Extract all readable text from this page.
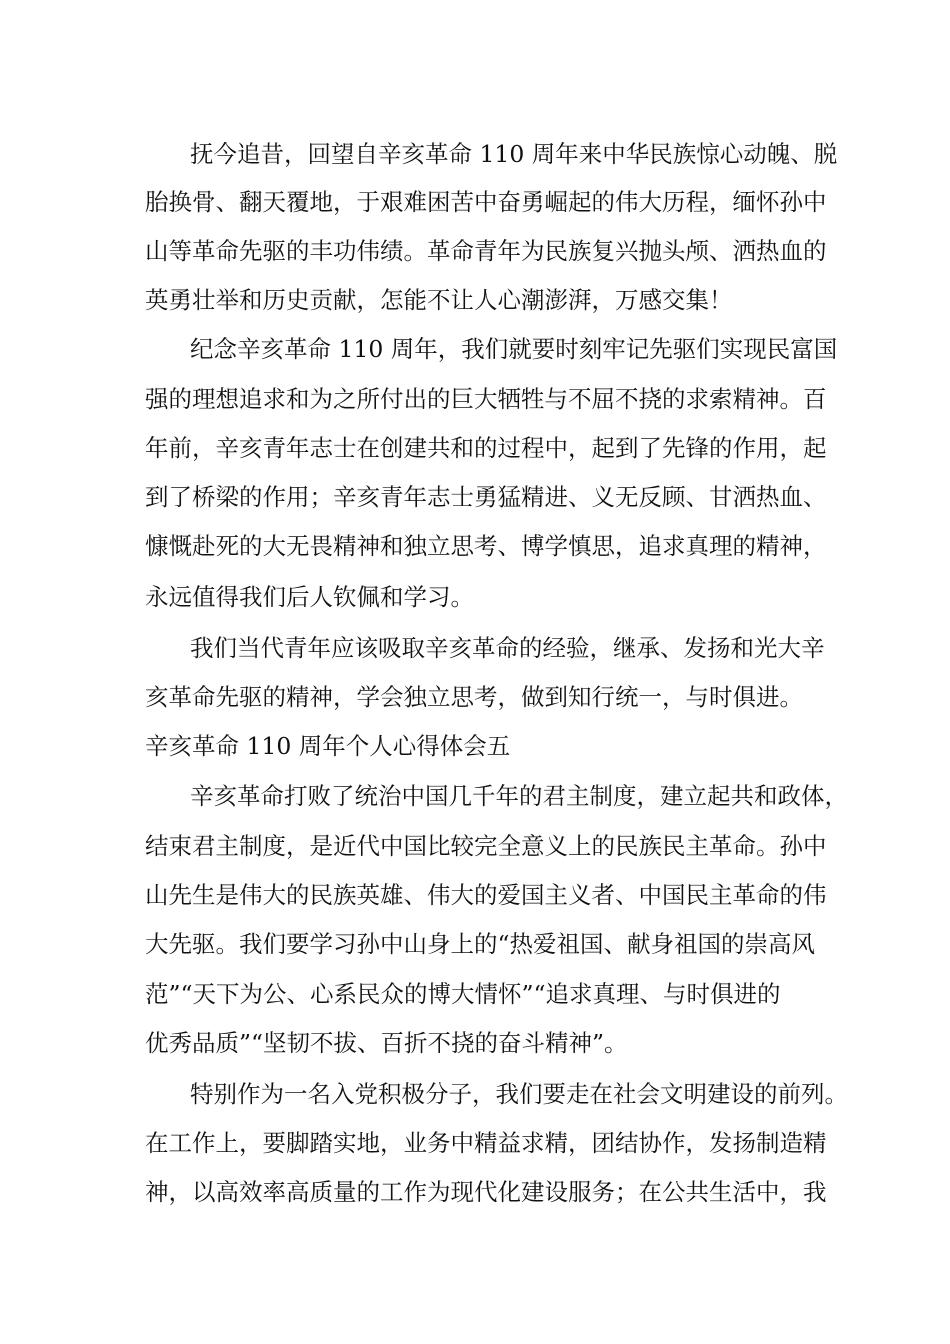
抚今追昔，回望自辛亥革命 110 周年来中华民族惊心动魄、脱

胎换骨、翻天覆地，于艰难困苦中奋勇崛起的伟大历程，缅怀孙中

山等革命先驱的丰功伟绩。革命青年为民族复兴抛头颅、洒热血的

英勇壮举和历史贡献，怎能不让人心潮澎湃，万感交集！

纪念辛亥革命 110 周年，我们就要时刻牢记先驱们实现民富国

强的理想追求和为之所付出的巨大牺牲与不屈不挠的求索精神。百

年前，辛亥青年志士在创建共和的过程中，起到了先锋的作用，起

到了桥梁的作用；辛亥青年志士勇猛精进、义无反顾、甘洒热血、

慷慨赴死的大无畏精神和独立思考、博学慎思，追求真理的精神，

永远值得我们后人钦佩和学习。

我们当代青年应该吸取辛亥革命的经验，继承、发扬和光大辛

亥革命先驱的精神，学会独立思考，做到知行统一，与时俱进。

辛亥革命 110 周年个人心得体会五

辛亥革命打败了统治中国几千年的君主制度，建立起共和政体，

结束君主制度，是近代中国比较完全意义上的民族民主革命。孙中

山先生是伟大的民族英雄、伟大的爱国主义者、中国民主革命的伟

大先驱。我们要学习孙中山身上的“热爱祖国、献身祖国的崇高风

范”“天下为公、心系民众的博大情怀”“追求真理、与时俱进的

优秀品质”“坚韧不拔、百折不挠的奋斗精神”。

特别作为一名入党积极分子，我们要走在社会文明建设的前列。

在工作上，要脚踏实地，业务中精益求精，团结协作，发扬制造精

神，以高效率高质量的工作为现代化建设服务；在公共生活中，我
